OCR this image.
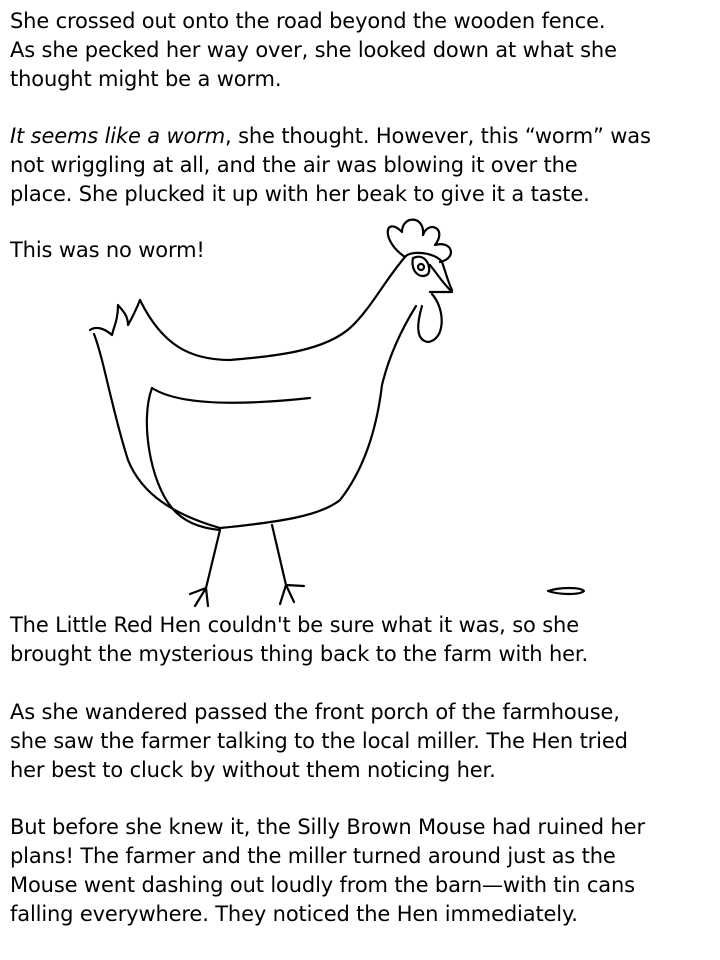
She crossed out onto the road beyond the wooden fence.
As she pecked her way over, she looked down at what she
thought might be a worm.

It seems like a worm, she thought. However, this “worm” was
not wriggling at all, and the air was blowing it over the
place. She plucked it up with her beak to give it a taste.

This was no worm!

The Little Red Hen couldn't be sure what it was, so she
brought the mysterious thing back to the farm with her.

As she wandered passed the front porch of the farmhouse,
she saw the farmer talking to the local miller. The Hen tried
her best to cluck by without them noticing her.

But before she knew it, the Silly Brown Mouse had ruined her
plans! The farmer and the miller turned around just as the
Mouse went dashing out loudly from the barn—with tin cans
falling everywhere. They noticed the Hen immediately.
